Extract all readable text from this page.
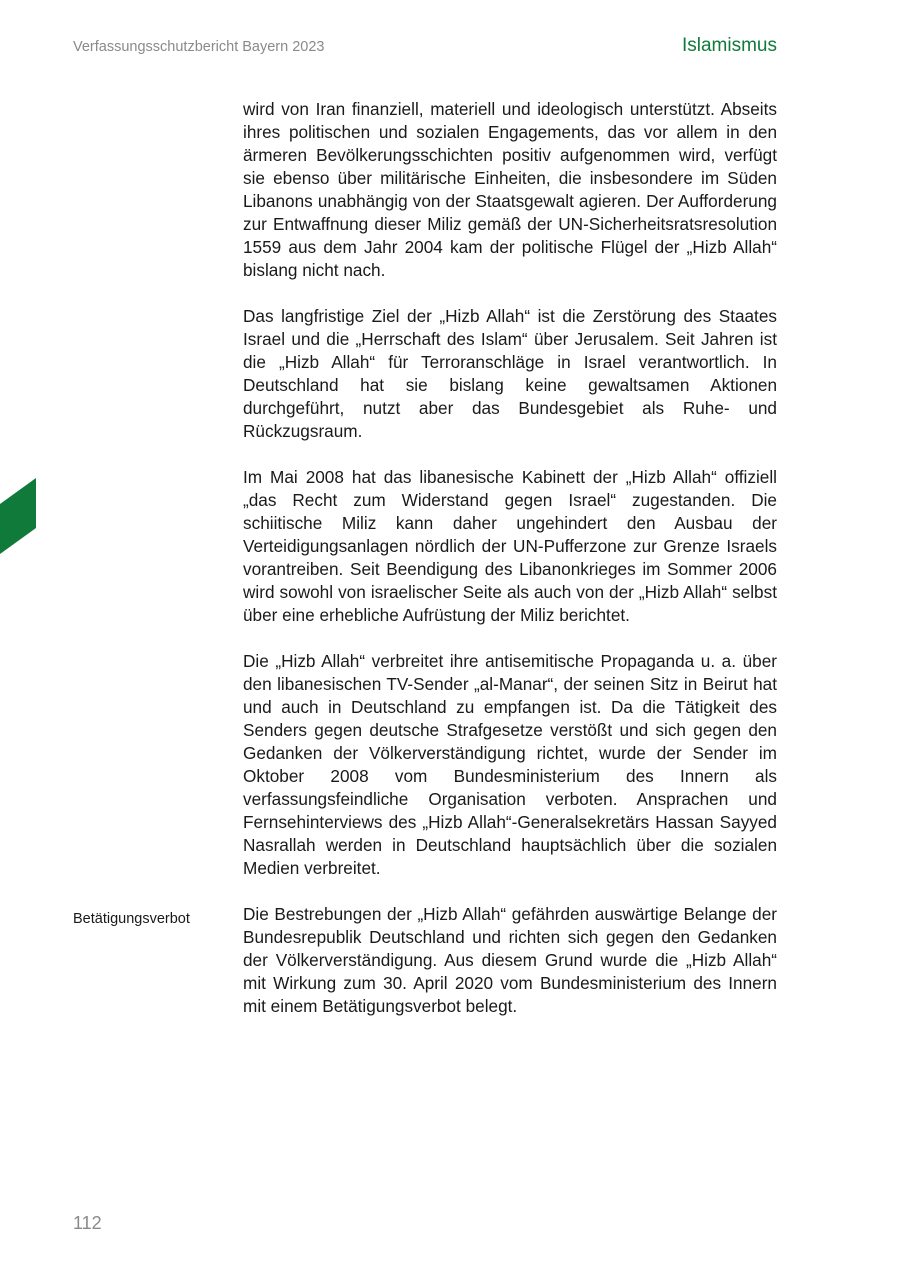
Verfassungsschutzbericht Bayern 2023	Islamismus

wird von Iran finanziell, materiell und ideologisch unterstützt. Abseits ihres politischen und sozialen Engagements, das vor allem in den ärmeren Bevölkerungsschichten positiv aufgenommen wird, verfügt sie ebenso über militärische Einheiten, die insbesondere im Süden Libanons unabhängig von der Staatsgewalt agieren. Der Aufforderung zur Entwaffnung dieser Miliz gemäß der UN-Sicherheitsratsresolution 1559 aus dem Jahr 2004 kam der politische Flügel der „Hizb Allah“ bislang nicht nach.

Das langfristige Ziel der „Hizb Allah“ ist die Zerstörung des Staates Israel und die „Herrschaft des Islam“ über Jerusalem. Seit Jahren ist die „Hizb Allah“ für Terroranschläge in Israel verantwortlich. In Deutschland hat sie bislang keine gewaltsamen Aktionen durchgeführt, nutzt aber das Bundesgebiet als Ruhe- und Rückzugsraum.

Im Mai 2008 hat das libanesische Kabinett der „Hizb Allah“ offiziell „das Recht zum Widerstand gegen Israel“ zugestanden. Die schiitische Miliz kann daher ungehindert den Ausbau der Verteidigungsanlagen nördlich der UN-Pufferzone zur Grenze Israels vorantreiben. Seit Beendigung des Libanonkrieges im Sommer 2006 wird sowohl von israelischer Seite als auch von der „Hizb Allah“ selbst über eine erhebliche Aufrüstung der Miliz berichtet.

Die „Hizb Allah“ verbreitet ihre antisemitische Propaganda u. a. über den libanesischen TV-Sender „al-Manar“, der seinen Sitz in Beirut hat und auch in Deutschland zu empfangen ist. Da die Tätigkeit des Senders gegen deutsche Strafgesetze verstößt und sich gegen den Gedanken der Völkerverständigung richtet, wurde der Sender im Oktober 2008 vom Bundesministerium des Innern als verfassungsfeindliche Organisation verboten. Ansprachen und Fernsehinterviews des „Hizb Allah“-Generalsekretärs Hassan Sayyed Nasrallah werden in Deutschland hauptsächlich über die sozialen Medien verbreitet.

Die Bestrebungen der „Hizb Allah“ gefährden auswärtige Belange der Bundesrepublik Deutschland und richten sich gegen den Gedanken der Völkerverständigung. Aus diesem Grund wurde die „Hizb Allah“ mit Wirkung zum 30. April 2020 vom Bundesministerium des Innern mit einem Betätigungsverbot belegt.

Betätigungsverbot
112
